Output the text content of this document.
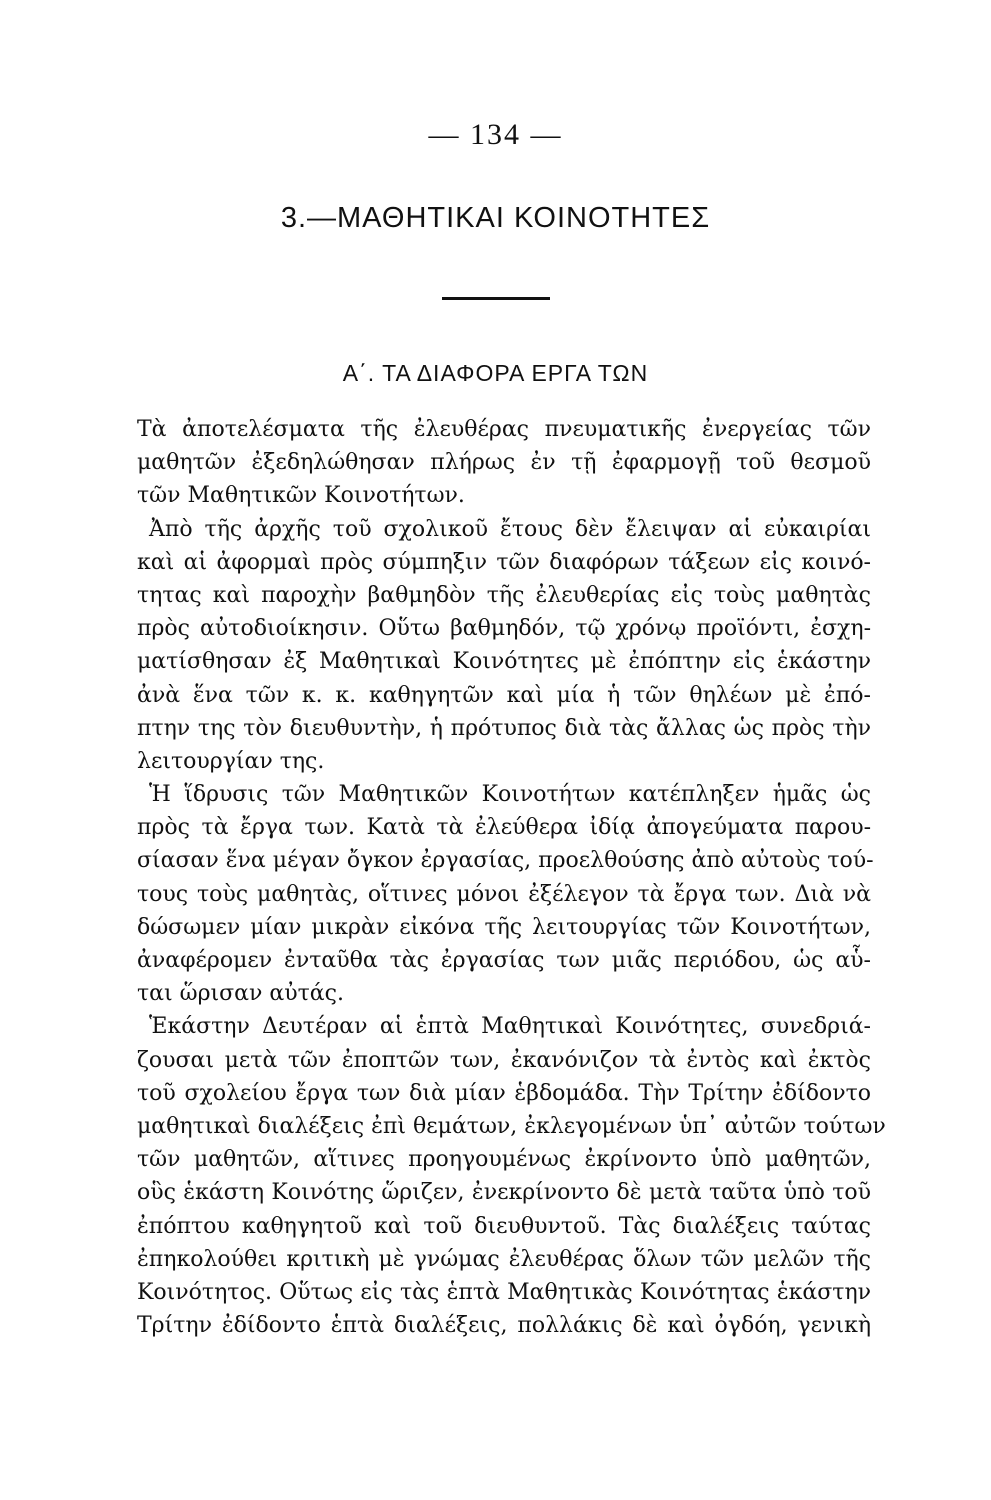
— 134 —
3.—ΜΑΘΗΤΙΚΑΙ ΚΟΙΝΟΤΗΤΕΣ
Α΄. ΤΑ ΔΙΑΦΟΡΑ ΕΡΓΑ ΤΩΝ
Τὰ ἀποτελέσματα τῆς ἐλευθέρας πνευματικῆς ἐνεργείας τῶν
μαθητῶν ἐξεδηλώθησαν πλήρως ἐν τῇ ἐφαρμογῇ τοῦ θεσμοῦ
τῶν Μαθητικῶν Κοινοτήτων.
Ἀπὸ τῆς ἀρχῆς τοῦ σχολικοῦ ἔτους δὲν ἔλειψαν αἱ εὐκαιρίαι
καὶ αἱ ἀφορμαὶ πρὸς σύμπηξιν τῶν διαφόρων τάξεων εἰς κοινό-
τητας καὶ παροχὴν βαθμηδὸν τῆς ἐλευθερίας εἰς τοὺς μαθητὰς
πρὸς αὐτοδιοίκησιν. Οὕτω βαθμηδόν, τῷ χρόνῳ προϊόντι, ἐσχη-
ματίσθησαν ἐξ Μαθητικαὶ Κοινότητες μὲ ἐπόπτην εἰς ἑκάστην
ἀνὰ ἕνα τῶν κ. κ. καθηγητῶν καὶ μία ἡ τῶν θηλέων μὲ ἐπό-
πτην της τὸν διευθυντὴν, ἡ πρότυπος διὰ τὰς ἄλλας ὡς πρὸς τὴν
λειτουργίαν της.
Ἡ ἵδρυσις τῶν Μαθητικῶν Κοινοτήτων κατέπληξεν ἡμᾶς ὡς
πρὸς τὰ ἔργα των. Κατὰ τὰ ἐλεύθερα ἰδίᾳ ἀπογεύματα παρου-
σίασαν ἕνα μέγαν ὄγκον ἐργασίας, προελθούσης ἀπὸ αὐτοὺς τού-
τους τοὺς μαθητὰς, οἵτινες μόνοι ἐξέλεγον τὰ ἔργα των. Διὰ νὰ
δώσωμεν μίαν μικρὰν εἰκόνα τῆς λειτουργίας τῶν Κοινοτήτων,
ἀναφέρομεν ἐνταῦθα τὰς ἐργασίας των μιᾶς περιόδου, ὡς αὗ-
ται ὥρισαν αὐτάς.
Ἑκάστην Δευτέραν αἱ ἑπτὰ Μαθητικαὶ Κοινότητες, συνεδριά-
ζουσαι μετὰ τῶν ἐποπτῶν των, ἐκανόνιζον τὰ ἐντὸς καὶ ἐκτὸς
τοῦ σχολείου ἔργα των διὰ μίαν ἑβδομάδα. Τὴν Τρίτην ἐδίδοντο
μαθητικαὶ διαλέξεις ἐπὶ θεμάτων, ἐκλεγομένων ὑπ᾽ αὐτῶν τούτων
τῶν μαθητῶν, αἵτινες προηγουμένως ἐκρίνοντο ὑπὸ μαθητῶν,
οὓς ἑκάστη Κοινότης ὥριζεν, ἐνεκρίνοντο δὲ μετὰ ταῦτα ὑπὸ τοῦ
ἐπόπτου καθηγητοῦ καὶ τοῦ διευθυντοῦ. Τὰς διαλέξεις ταύτας
ἐπηκολούθει κριτικὴ μὲ γνώμας ἐλευθέρας ὅλων τῶν μελῶν τῆς
Κοινότητος. Οὕτως εἰς τὰς ἑπτὰ Μαθητικὰς Κοινότητας ἑκάστην
Τρίτην ἐδίδοντο ἑπτὰ διαλέξεις, πολλάκις δὲ καὶ ὀγδόη, γενικὴ
